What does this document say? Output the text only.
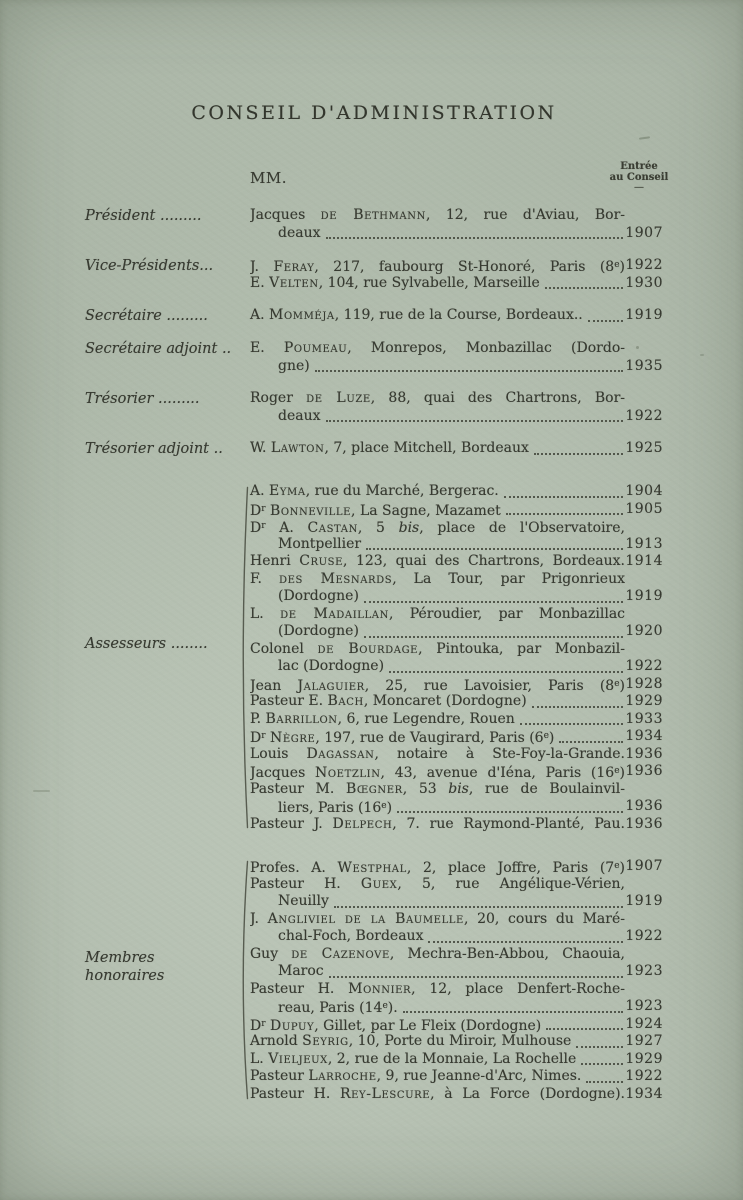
CONSEIL D'ADMINISTRATION
MM.
Entrée
au Conseil
—
Président .........	Jacques de Bethmann, 12, rue d'Aviau, Bor-
deaux	1907
Vice-Présidents...	J. Feray, 217, faubourg St-Honoré, Paris (8e) 1922
E. Velten, 104, rue Sylvabelle, Marseille	1930
Secrétaire .........	A. Momméja, 119, rue de la Course, Bordeaux..	1919
Secrétaire adjoint ..	E. Poumeau, Monrepos, Monbazillac (Dordo-
gne)	1935
Trésorier .........	Roger de Luze, 88, quai des Chartrons, Bor-
deaux	1922
Trésorier adjoint ..	W. Lawton, 7, place Mitchell, Bordeaux	1925
Assesseurs ........
A. Eyma, rue du Marché, Bergerac.	1904
$D^r$ Bonneville, La Sagne, Mazamet	1905
$D^r$ A. Castan, 5 bis, place de l'Observatoire,
Montpellier	1913
Henri Cruse, 123, quai des Chartrons, Bordeaux. 1914
F. des Mesnards, La Tour, par Prigonrieux
(Dordogne)	1919
L. de Madaillan, Péroudier, par Monbazillac
(Dordogne)	1920
Colonel de Bourdage, Pintouka, par Monbazil-
lac (Dordogne)	1922
Jean Jalaguier, 25, rue Lavoisier, Paris (8e) 1928
Pasteur E. Bach, Moncaret (Dordogne)	1929
P. Barrillon, 6, rue Legendre, Rouen	1933
$D^r$ Nègre, 197, rue de Vaugirard, Paris (6e)	1934
Louis Dagassan, notaire à Ste-Foy-la-Grande. 1936
Jacques Noetzlin, 43, avenue d'Iéna, Paris (16e) 1936
Pasteur M. Bœgner, 53 bis, rue de Boulainvil-
liers, Paris (16e)	1936
Pasteur J. Delpech, 7. rue Raymond-Planté, Pau. 1936
Membres honoraires
Profes. A. Westphal, 2, place Joffre, Paris (7e) 1907
Pasteur H. Guex, 5, rue Angélique-Vérien,
Neuilly	1919
J. Angliviel de la Baumelle, 20, cours du Maré-
chal-Foch, Bordeaux	1922
Guy de Cazenove, Mechra-Ben-Abbou, Chaouia,
Maroc	1923
Pasteur H. Monnier, 12, place Denfert-Roche-
reau, Paris (14e).	1923
$D^r$ Dupuy, Gillet, par Le Fleix (Dordogne)	1924
Arnold Seyrig, 10, Porte du Miroir, Mulhouse	1927
L. Vieljeux, 2, rue de la Monnaie, La Rochelle	1929
Pasteur Larroche, 9, rue Jeanne-d'Arc, Nimes.	1922
Pasteur H. Rey-Lescure, à La Force (Dordogne). 1934
